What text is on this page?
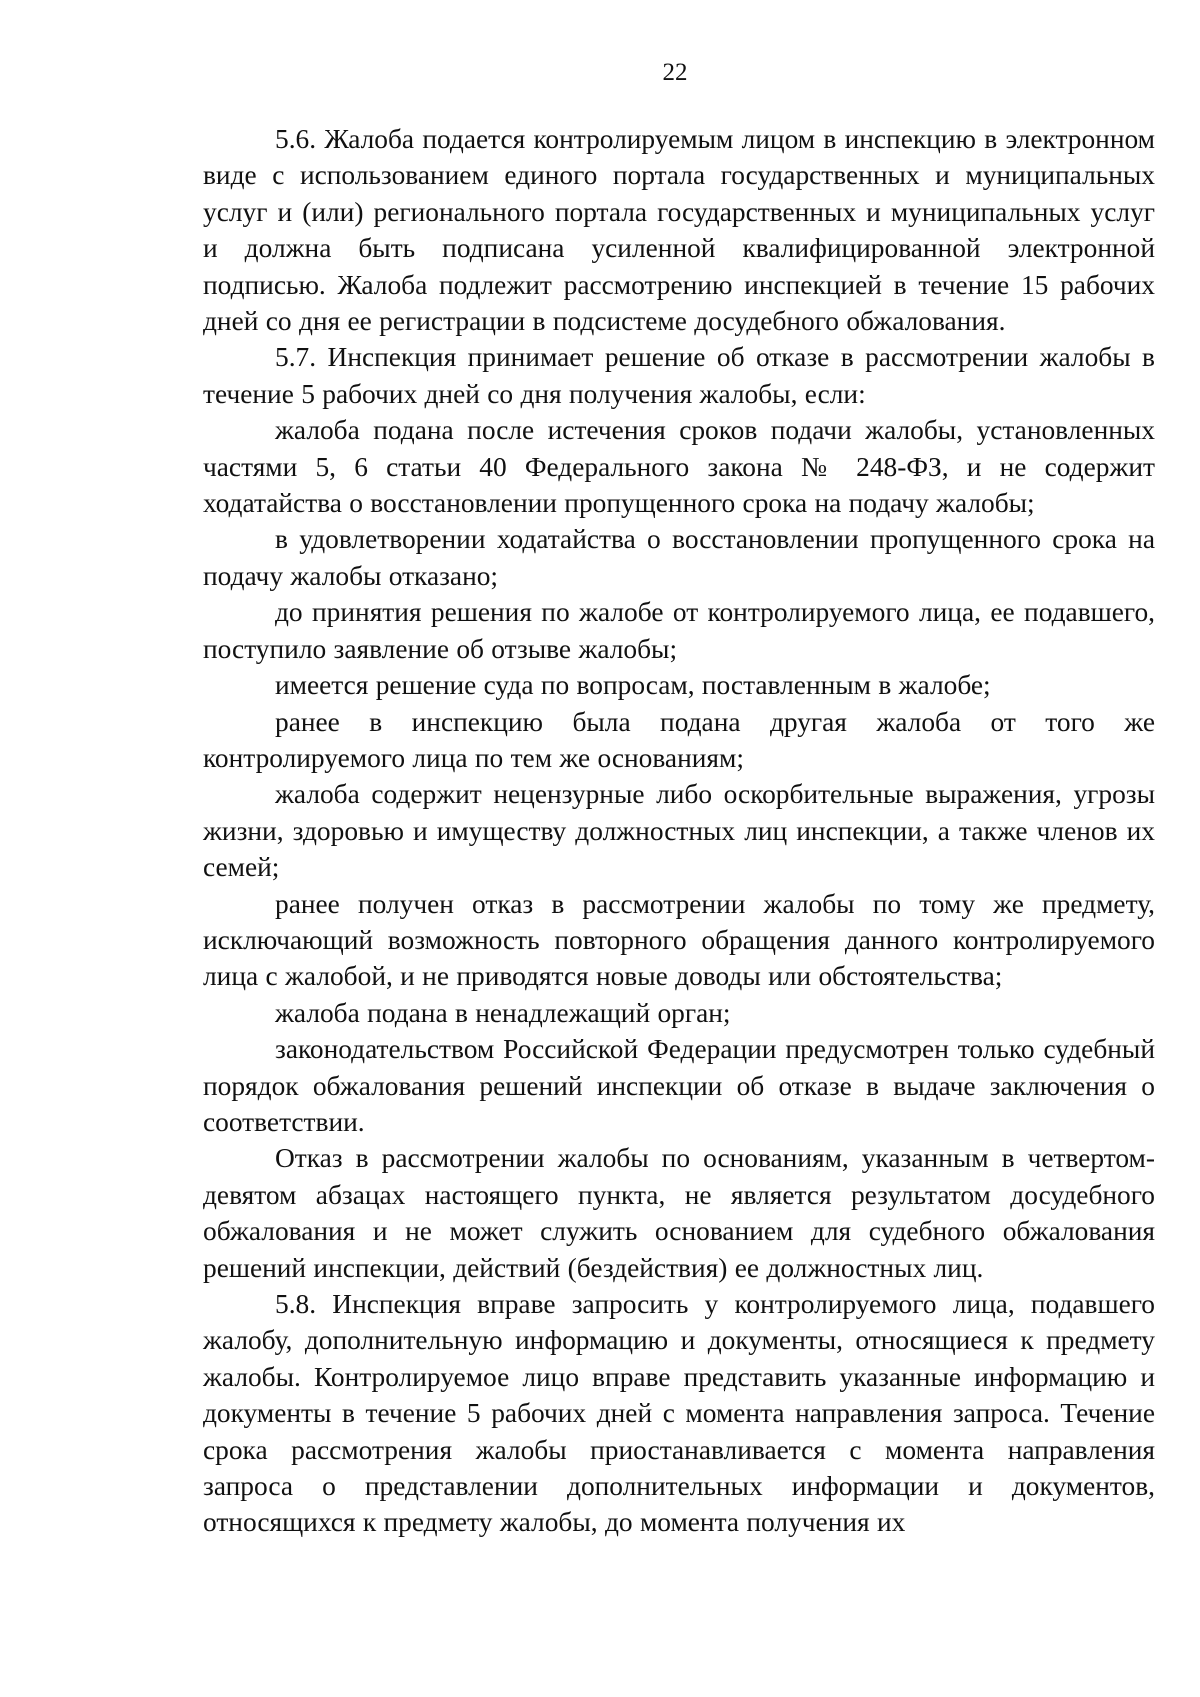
22

5.6. Жалоба подается контролируемым лицом в инспекцию в электронном виде с использованием единого портала государственных и муниципальных услуг и (или) регионального портала государственных и муниципальных услуг и должна быть подписана усиленной квалифицированной электронной подписью. Жалоба подлежит рассмотрению инспекцией в течение 15 рабочих дней со дня ее регистрации в подсистеме досудебного обжалования.

5.7. Инспекция принимает решение об отказе в рассмотрении жалобы в течение 5 рабочих дней со дня получения жалобы, если:

жалоба подана после истечения сроков подачи жалобы, установленных частями 5, 6 статьи 40 Федерального закона № 248-ФЗ, и не содержит ходатайства о восстановлении пропущенного срока на подачу жалобы;

в удовлетворении ходатайства о восстановлении пропущенного срока на подачу жалобы отказано;

до принятия решения по жалобе от контролируемого лица, ее подавшего, поступило заявление об отзыве жалобы;

имеется решение суда по вопросам, поставленным в жалобе;

ранее в инспекцию была подана другая жалоба от того же контролируемого лица по тем же основаниям;

жалоба содержит нецензурные либо оскорбительные выражения, угрозы жизни, здоровью и имуществу должностных лиц инспекции, а также членов их семей;

ранее получен отказ в рассмотрении жалобы по тому же предмету, исключающий возможность повторного обращения данного контролируемого лица с жалобой, и не приводятся новые доводы или обстоятельства;

жалоба подана в ненадлежащий орган;

законодательством Российской Федерации предусмотрен только судебный порядок обжалования решений инспекции об отказе в выдаче заключения о соответствии.

Отказ в рассмотрении жалобы по основаниям, указанным в четвертом-девятом абзацах настоящего пункта, не является результатом досудебного обжалования и не может служить основанием для судебного обжалования решений инспекции, действий (бездействия) ее должностных лиц.

5.8. Инспекция вправе запросить у контролируемого лица, подавшего жалобу, дополнительную информацию и документы, относящиеся к предмету жалобы. Контролируемое лицо вправе представить указанные информацию и документы в течение 5 рабочих дней с момента направления запроса. Течение срока рассмотрения жалобы приостанавливается с момента направления запроса о представлении дополнительных информации и документов, относящихся к предмету жалобы, до момента получения их
